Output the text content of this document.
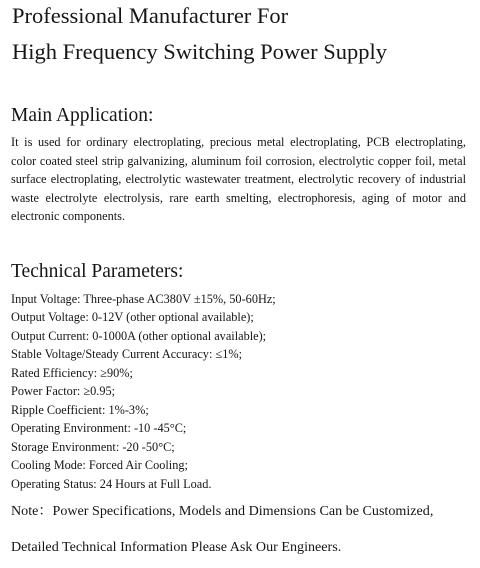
Professional Manufacturer For
High Frequency Switching Power Supply
Main Application:

It is used for ordinary electroplating, precious metal electroplating, PCB electroplating, color coated steel strip galvanizing, aluminum foil corrosion, electrolytic copper foil, metal surface electroplating, electrolytic wastewater treatment, electrolytic recovery of industrial waste electrolyte electrolysis, rare earth smelting, electrophoresis, aging of motor and electronic components.

Technical Parameters:
Input Voltage: Three-phase AC380V ±15%, 50-60Hz;
Output Voltage: 0-12V (other optional available);
Output Current: 0-1000A (other optional available);
Stable Voltage/Steady Current Accuracy: ≤1%;
Rated Efficiency: ≥90%;
Power Factor: ≥0.95;
Ripple Coefficient: 1%-3%;
Operating Environment: -10 -45°C;
Storage Environment: -20 -50°C;
Cooling Mode: Forced Air Cooling;
Operating Status: 24 Hours at Full Load.

Note：Power Specifications, Models and Dimensions Can be Customized,

Detailed Technical Information Please Ask Our Engineers.
